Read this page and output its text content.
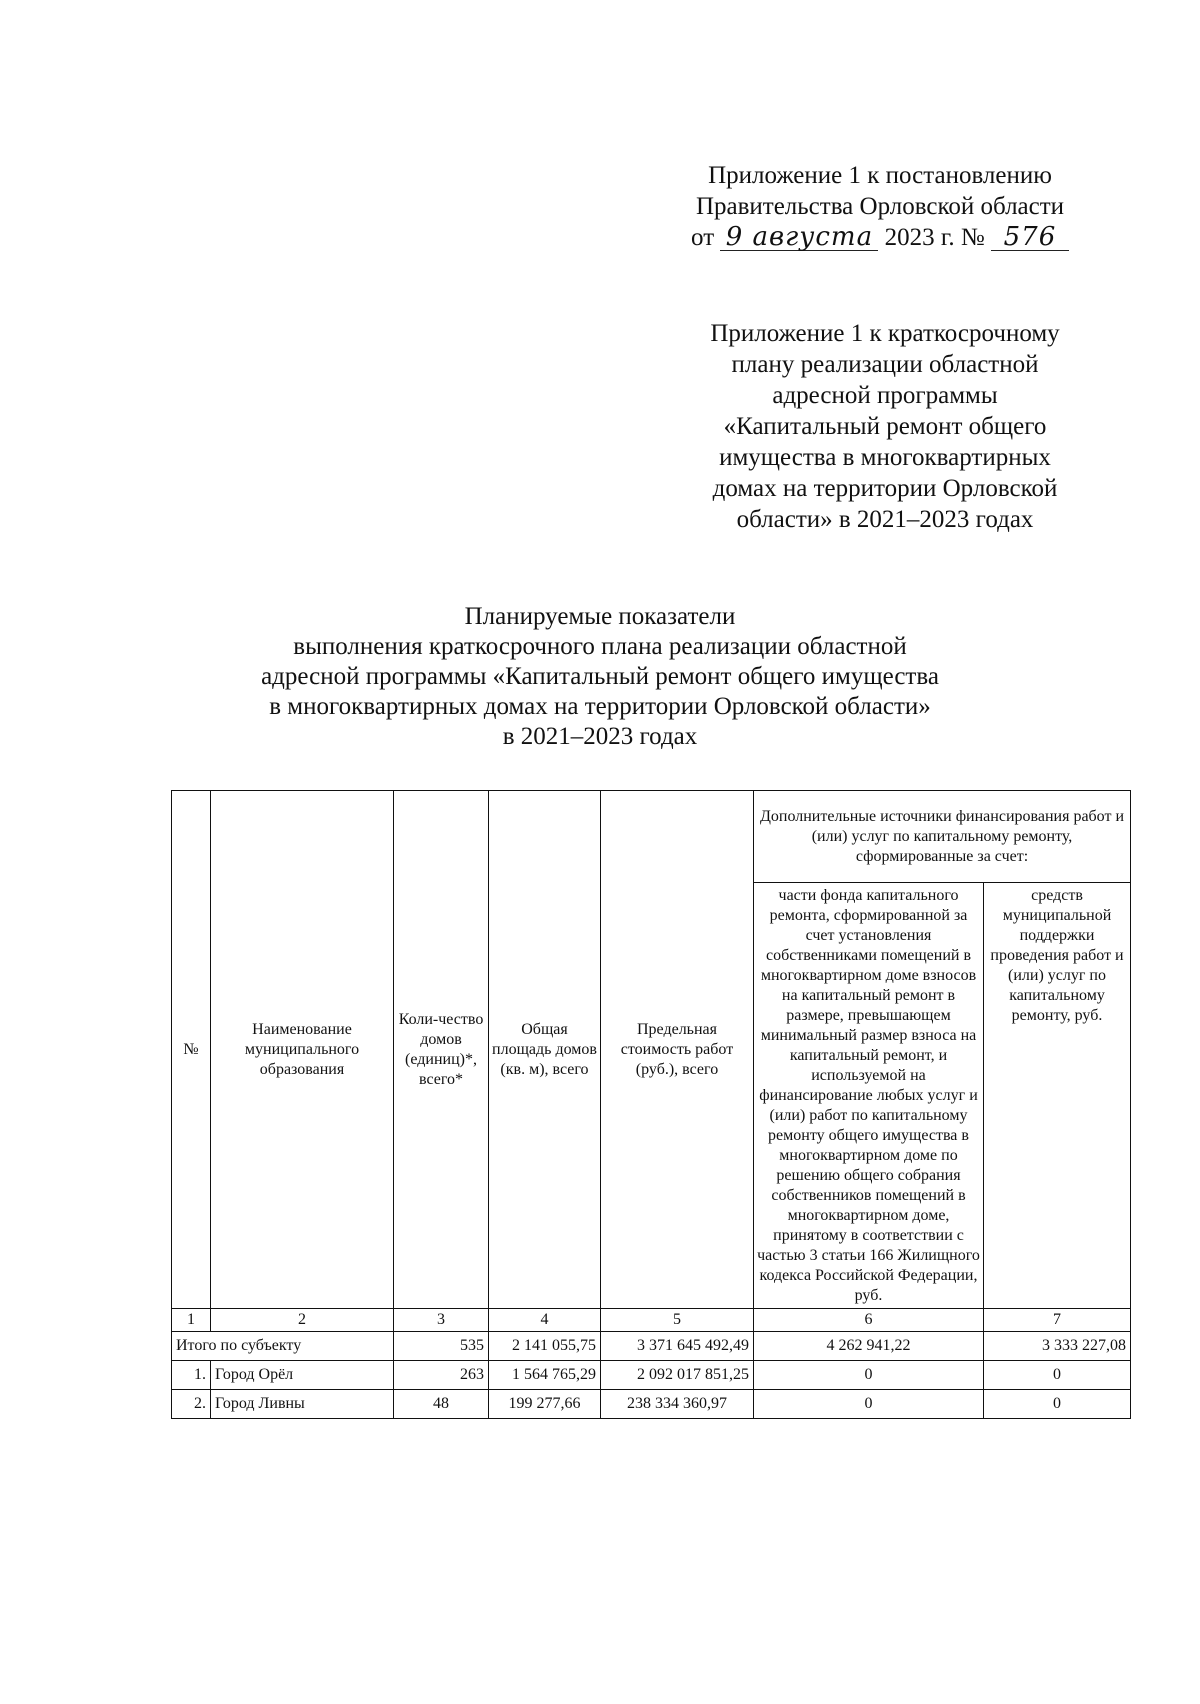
Приложение 1 к постановлению
Правительства Орловской области
от 9 августа 2023 г. № 576
Приложение 1 к краткосрочному
плану реализации областной
адресной программы
«Капитальный ремонт общего
имущества в многоквартирных
домах на территории Орловской
области» в 2021–2023 годах
Планируемые показатели
выполнения краткосрочного плана реализации областной
адресной программы «Капитальный ремонт общего имущества
в многоквартирных домах на территории Орловской области»
в 2021–2023 годах
№	Наименование муниципального образования	Коли-чество домов (единиц)*, всего*	Общая площадь домов (кв. м), всего	Предельная стоимость работ (руб.), всего	Дополнительные источники финансирования работ и (или) услуг по капитальному ремонту, сформированные за счет:	
					части фонда капитального ремонта, сформированной за счет установления собственниками помещений в многоквартирном доме взносов на капитальный ремонт в размере, превышающем минимальный размер взноса на капитальный ремонт, и используемой на финансирование любых услуг и (или) работ по капитальному ремонту общего имущества в многоквартирном доме по решению общего собрания собственников помещений в многоквартирном доме, принятому в соответствии с частью 3 статьи 166 Жилищного кодекса Российской Федерации, руб.	средств муниципальной поддержки проведения работ и (или) услуг по капитальному ремонту, руб.
1	2	3	4	5	6	7
Итого по субъекту		535	2 141 055,75	3 371 645 492,49	4 262 941,22	3 333 227,08
1.	Город Орёл	263	1 564 765,29	2 092 017 851,25	0	0
2.	Город Ливны	48	199 277,66	238 334 360,97	0	0
